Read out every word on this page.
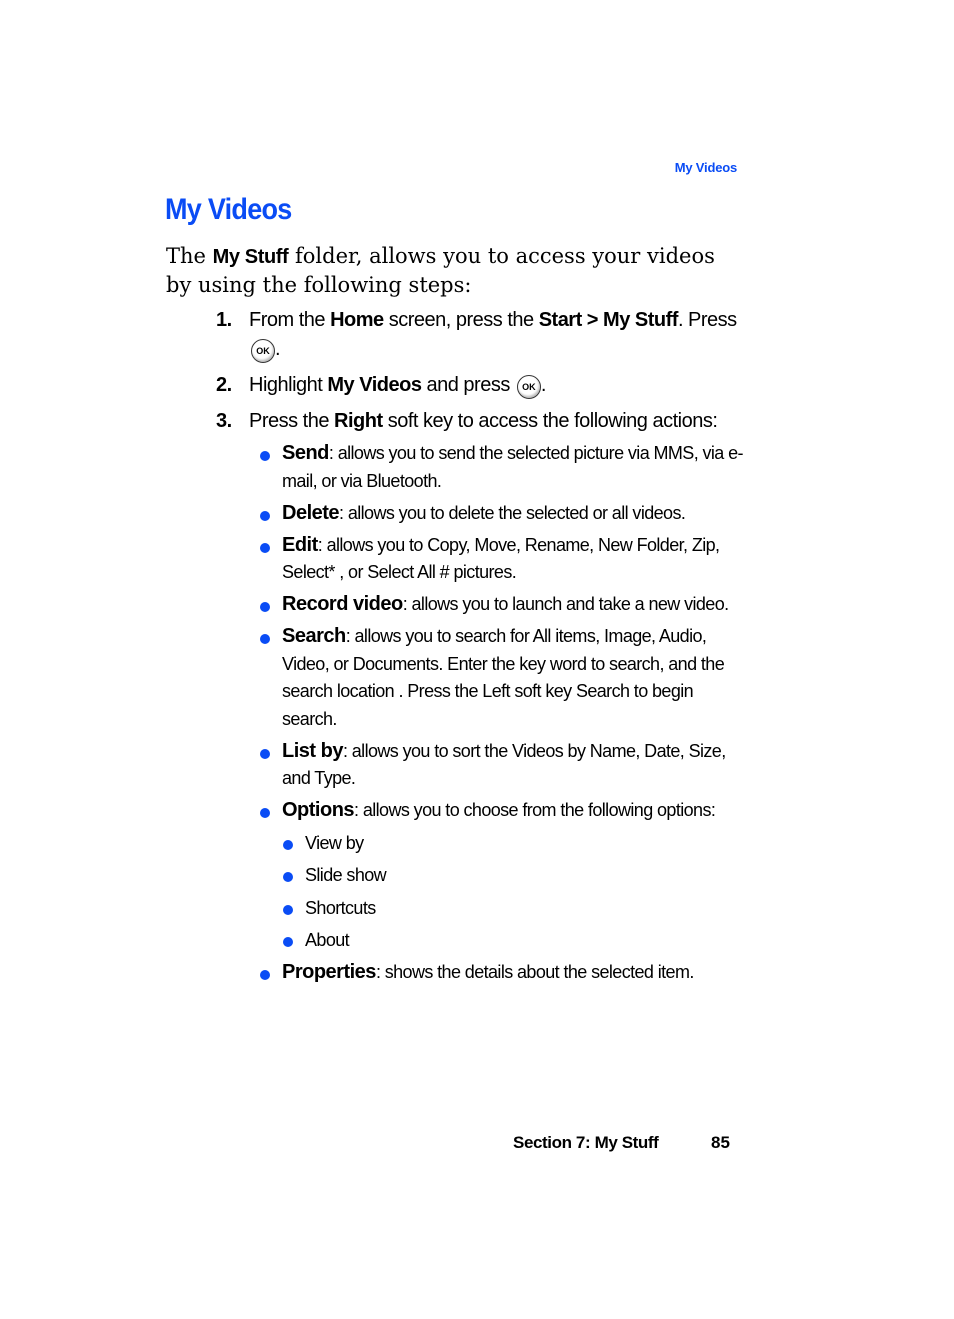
My Videos
My Videos

The My Stuff folder, allows you to access your videos by using the following steps:

1. From the Home screen, press the Start > My Stuff. Press OK .
2. Highlight My Videos and press OK .
3. Press the Right soft key to access the following actions:
Send: allows you to send the selected picture via MMS, via e-mail, or via Bluetooth.
Delete: allows you to delete the selected or all videos.
Edit: allows you to Copy, Move, Rename, New Folder, Zip, Select* , or Select All # pictures.
Record video: allows you to launch and take a new video.
Search: allows you to search for All items, Image, Audio, Video, or Documents. Enter the key word to search, and the search location . Press the Left soft key Search to begin search.
List by: allows you to sort the Videos by Name, Date, Size, and Type.
Options: allows you to choose from the following options:
View by
Slide show
Shortcuts
About
Properties: shows the details about the selected item.
Section 7: My Stuff	85
